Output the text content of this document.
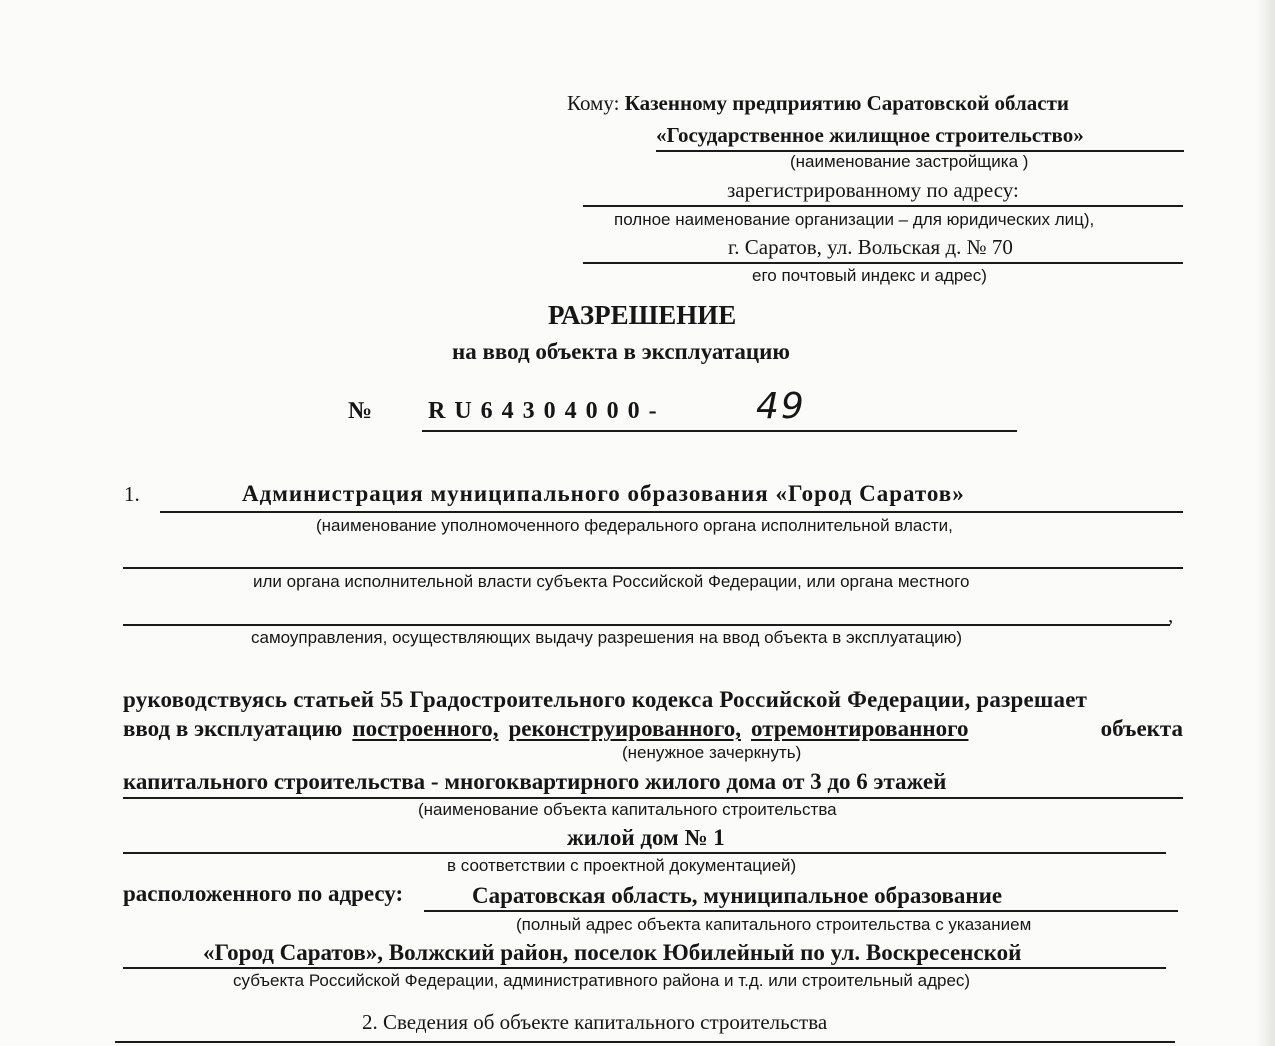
Кому: Казенному предприятию Саратовской области
«Государственное жилищное строительство»
(наименование застройщика )
зарегистрированному по адресу:
полное наименование организации – для юридических лиц),
г. Саратов, ул. Вольская д. № 70
его почтовый индекс и адрес)
РАЗРЕШЕНИЕ
на ввод объекта в эксплуатацию
№ RU64304000-	49
1.	Администрация муниципального образования «Город Саратов»
(наименование уполномоченного федерального органа исполнительной власти,
или органа исполнительной власти субъекта Российской Федерации, или органа местного
,
самоуправления, осуществляющих выдачу разрешения на ввод объекта в эксплуатацию)
руководствуясь статьей 55 Градостроительного кодекса Российской Федерации, разрешает
ввод в эксплуатацию построенного, реконструированного, отремонтированного	объекта
(ненужное зачеркнуть)
капитального строительства - многоквартирного жилого дома от 3 до 6 этажей
(наименование объекта капитального строительства
жилой дом № 1
в соответствии с проектной документацией)
расположенного по адресу:	Саратовская область, муниципальное образование
(полный адрес объекта капитального строительства с указанием
«Город Саратов», Волжский район, поселок Юбилейный по ул. Воскресенской
субъекта Российской Федерации, административного района и т.д. или строительный адрес)
2. Сведения об объекте капитального строительства
